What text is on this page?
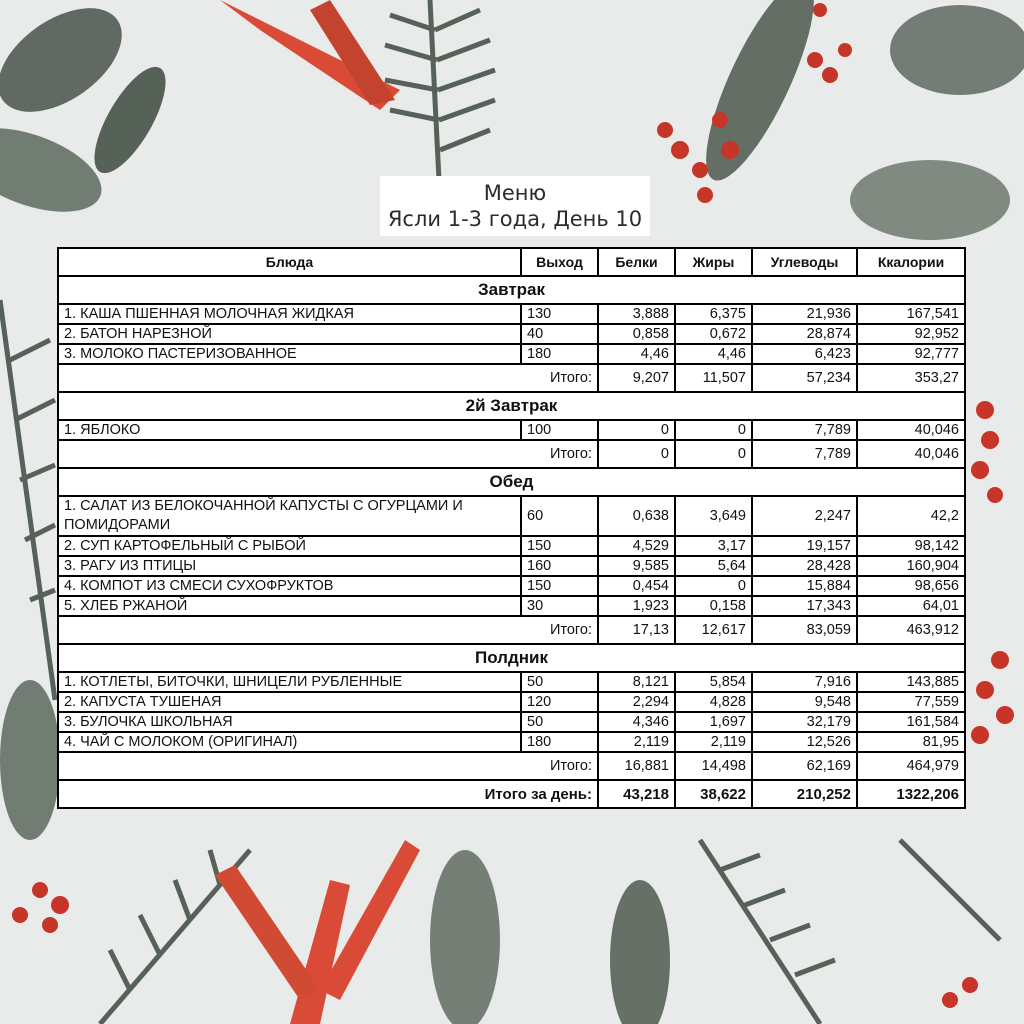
Меню
Ясли 1-3 года, День 10
Блюда	Выход	Белки	Жиры	Углеводы	Ккалории
Завтрак					
1. КАША ПШЕННАЯ МОЛОЧНАЯ ЖИДКАЯ	130	3,888	6,375	21,936	167,541
2. БАТОН НАРЕЗНОЙ	40	0,858	0,672	28,874	92,952
3. МОЛОКО ПАСТЕРИЗОВАННОЕ	180	4,46	4,46	6,423	92,777
Итого:		9,207	11,507	57,234	353,27
2й Завтрак					
1. ЯБЛОКО	100	0	0	7,789	40,046
Итого:		0	0	7,789	40,046
Обед					
1. САЛАТ ИЗ БЕЛОКОЧАННОЙ КАПУСТЫ С ОГУРЦАМИ И ПОМИДОРАМИ	60	0,638	3,649	2,247	42,2
2. СУП КАРТОФЕЛЬНЫЙ С РЫБОЙ	150	4,529	3,17	19,157	98,142
3. РАГУ ИЗ ПТИЦЫ	160	9,585	5,64	28,428	160,904
4. КОМПОТ ИЗ СМЕСИ СУХОФРУКТОВ	150	0,454	0	15,884	98,656
5. ХЛЕБ РЖАНОЙ	30	1,923	0,158	17,343	64,01
Итого:		17,13	12,617	83,059	463,912
Полдник					
1. КОТЛЕТЫ, БИТОЧКИ, ШНИЦЕЛИ РУБЛЕННЫЕ	50	8,121	5,854	7,916	143,885
2. КАПУСТА ТУШЕНАЯ	120	2,294	4,828	9,548	77,559
3. БУЛОЧКА ШКОЛЬНАЯ	50	4,346	1,697	32,179	161,584
4. ЧАЙ С МОЛОКОМ (ОРИГИНАЛ)	180	2,119	2,119	12,526	81,95
Итого:		16,881	14,498	62,169	464,979
Итого за день:		43,218	38,622	210,252	1322,206
